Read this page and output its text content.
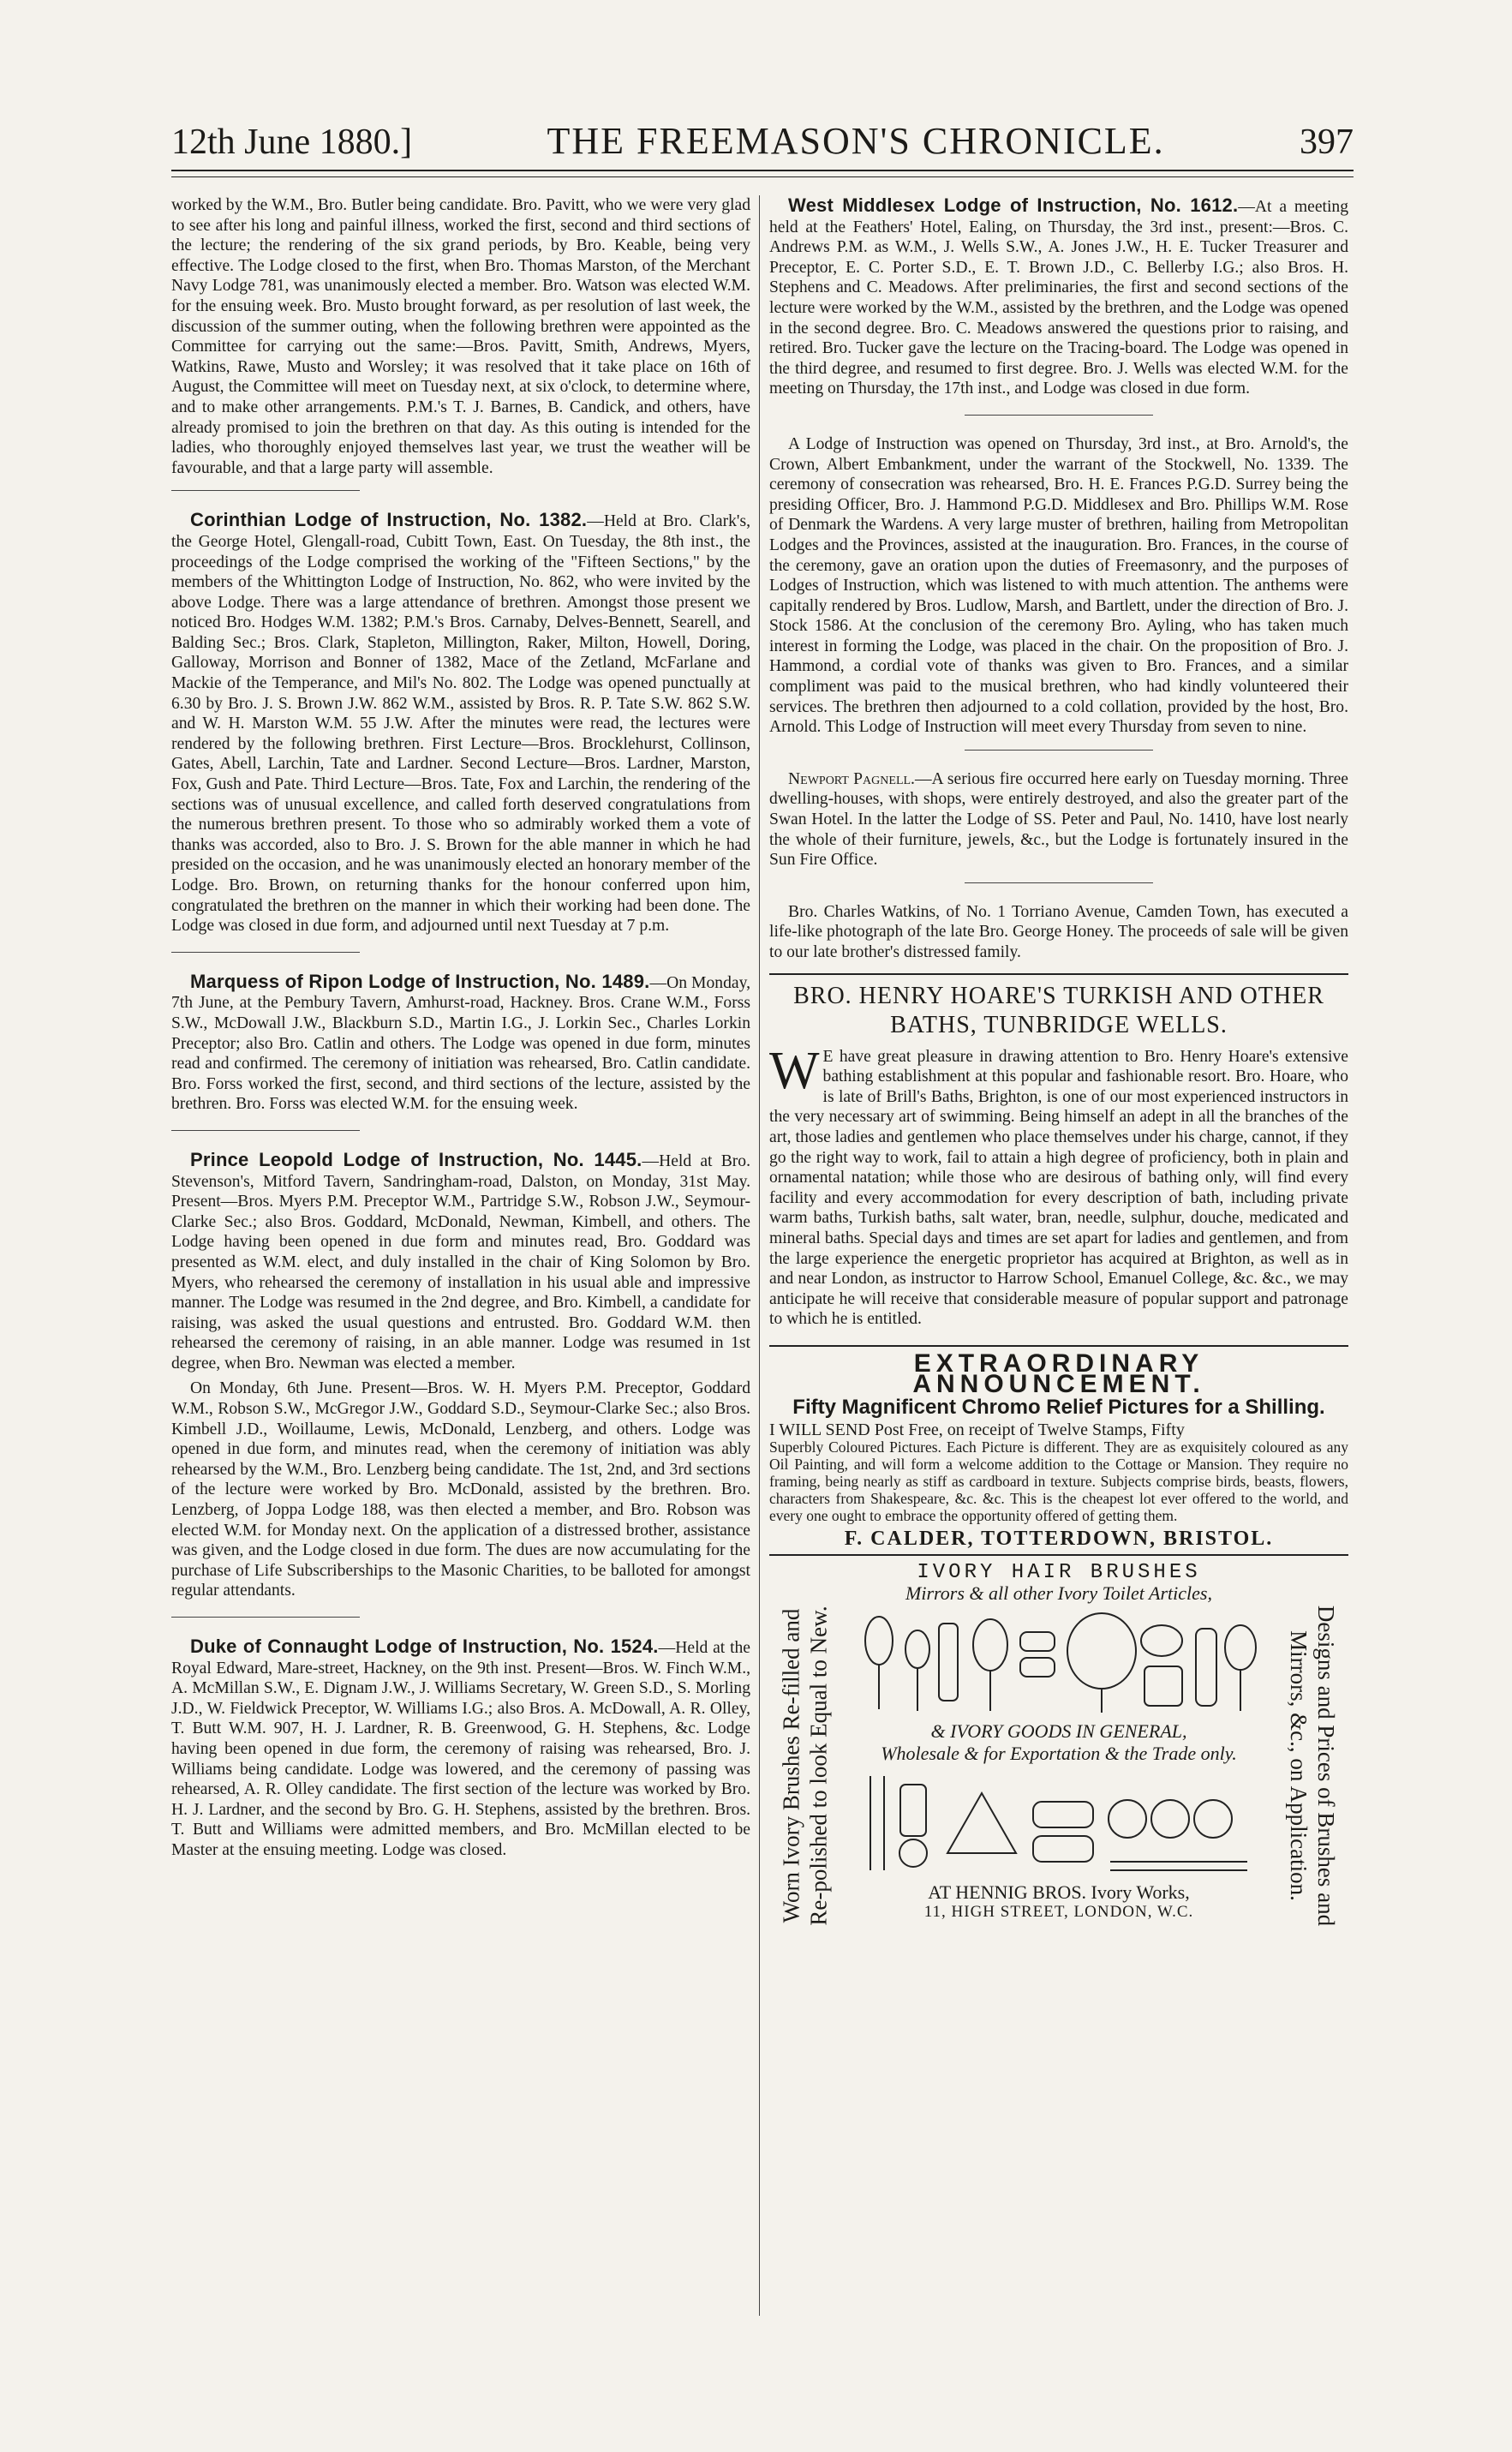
12th June 1880.]	THE FREEMASON'S CHRONICLE.	397

worked by the W.M., Bro. Butler being candidate. Bro. Pavitt, who we were very glad to see after his long and painful illness, worked the first, second and third sections of the lecture; the rendering of the six grand periods, by Bro. Keable, being very effective. The Lodge closed to the first, when Bro. Thomas Marston, of the Merchant Navy Lodge 781, was unanimously elected a member. Bro. Watson was elected W.M. for the ensuing week. Bro. Musto brought forward, as per resolution of last week, the discussion of the summer outing, when the following brethren were appointed as the Committee for carrying out the same:—Bros. Pavitt, Smith, Andrews, Myers, Watkins, Rawe, Musto and Worsley; it was resolved that it take place on 16th of August, the Committee will meet on Tuesday next, at six o'clock, to determine where, and to make other arrangements. P.M.'s T. J. Barnes, B. Candick, and others, have already promised to join the brethren on that day. As this outing is intended for the ladies, who thoroughly enjoyed themselves last year, we trust the weather will be favourable, and that a large party will assemble.

Corinthian Lodge of Instruction, No. 1382.—Held at Bro. Clark's, the George Hotel, Glengall-road, Cubitt Town, East. On Tuesday, the 8th inst., the proceedings of the Lodge comprised the working of the "Fifteen Sections," by the members of the Whittington Lodge of Instruction, No. 862, who were invited by the above Lodge. There was a large attendance of brethren. Amongst those present we noticed Bro. Hodges W.M. 1382; P.M.'s Bros. Carnaby, Delves-Bennett, Searell, and Balding Sec.; Bros. Clark, Stapleton, Millington, Raker, Milton, Howell, Doring, Galloway, Morrison and Bonner of 1382, Mace of the Zetland, McFarlane and Mackie of the Temperance, and Mil's No. 802. The Lodge was opened punctually at 6.30 by Bro. J. S. Brown J.W. 862 W.M., assisted by Bros. R. P. Tate S.W. 862 S.W. and W. H. Marston W.M. 55 J.W. After the minutes were read, the lectures were rendered by the following brethren. First Lecture—Bros. Brocklehurst, Collinson, Gates, Abell, Larchin, Tate and Lardner. Second Lecture—Bros. Lardner, Marston, Fox, Gush and Pate. Third Lecture—Bros. Tate, Fox and Larchin, the rendering of the sections was of unusual excellence, and called forth deserved congratulations from the numerous brethren present. To those who so admirably worked them a vote of thanks was accorded, also to Bro. J. S. Brown for the able manner in which he had presided on the occasion, and he was unanimously elected an honorary member of the Lodge. Bro. Brown, on returning thanks for the honour conferred upon him, congratulated the brethren on the manner in which their working had been done. The Lodge was closed in due form, and adjourned until next Tuesday at 7 p.m.

Marquess of Ripon Lodge of Instruction, No. 1489.—On Monday, 7th June, at the Pembury Tavern, Amhurst-road, Hackney. Bros. Crane W.M., Forss S.W., McDowall J.W., Blackburn S.D., Martin I.G., J. Lorkin Sec., Charles Lorkin Preceptor; also Bro. Catlin and others. The Lodge was opened in due form, minutes read and confirmed. The ceremony of initiation was rehearsed, Bro. Catlin candidate. Bro. Forss worked the first, second, and third sections of the lecture, assisted by the brethren. Bro. Forss was elected W.M. for the ensuing week.

Prince Leopold Lodge of Instruction, No. 1445.—Held at Bro. Stevenson's, Mitford Tavern, Sandringham-road, Dalston, on Monday, 31st May. Present—Bros. Myers P.M. Preceptor W.M., Partridge S.W., Robson J.W., Seymour-Clarke Sec.; also Bros. Goddard, McDonald, Newman, Kimbell, and others. The Lodge having been opened in due form and minutes read, Bro. Goddard was presented as W.M. elect, and duly installed in the chair of King Solomon by Bro. Myers, who rehearsed the ceremony of installation in his usual able and impressive manner. The Lodge was resumed in the 2nd degree, and Bro. Kimbell, a candidate for raising, was asked the usual questions and entrusted. Bro. Goddard W.M. then rehearsed the ceremony of raising, in an able manner. Lodge was resumed in 1st degree, when Bro. Newman was elected a member.

On Monday, 6th June. Present—Bros. W. H. Myers P.M. Preceptor, Goddard W.M., Robson S.W., McGregor J.W., Goddard S.D., Seymour-Clarke Sec.; also Bros. Kimbell J.D., Woillaume, Lewis, McDonald, Lenzberg, and others. Lodge was opened in due form, and minutes read, when the ceremony of initiation was ably rehearsed by the W.M., Bro. Lenzberg being candidate. The 1st, 2nd, and 3rd sections of the lecture were worked by Bro. McDonald, assisted by the brethren. Bro. Lenzberg, of Joppa Lodge 188, was then elected a member, and Bro. Robson was elected W.M. for Monday next. On the application of a distressed brother, assistance was given, and the Lodge closed in due form. The dues are now accumulating for the purchase of Life Subscriberships to the Masonic Charities, to be balloted for amongst regular attendants.

Duke of Connaught Lodge of Instruction, No. 1524.—Held at the Royal Edward, Mare-street, Hackney, on the 9th inst. Present—Bros. W. Finch W.M., A. McMillan S.W., E. Dignam J.W., J. Williams Secretary, W. Green S.D., S. Morling J.D., W. Fieldwick Preceptor, W. Williams I.G.; also Bros. A. McDowall, A. R. Olley, T. Butt W.M. 907, H. J. Lardner, R. B. Greenwood, G. H. Stephens, &c. Lodge having been opened in due form, the ceremony of raising was rehearsed, Bro. J. Williams being candidate. Lodge was lowered, and the ceremony of passing was rehearsed, A. R. Olley candidate. The first section of the lecture was worked by Bro. H. J. Lardner, and the second by Bro. G. H. Stephens, assisted by the brethren. Bros. T. Butt and Williams were admitted members, and Bro. McMillan elected to be Master at the ensuing meeting. Lodge was closed.

West Middlesex Lodge of Instruction, No. 1612.—At a meeting held at the Feathers' Hotel, Ealing, on Thursday, the 3rd inst., present:—Bros. C. Andrews P.M. as W.M., J. Wells S.W., A. Jones J.W., H. E. Tucker Treasurer and Preceptor, E. C. Porter S.D., E. T. Brown J.D., C. Bellerby I.G.; also Bros. H. Stephens and C. Meadows. After preliminaries, the first and second sections of the lecture were worked by the W.M., assisted by the brethren, and the Lodge was opened in the second degree. Bro. C. Meadows answered the questions prior to raising, and retired. Bro. Tucker gave the lecture on the Tracing-board. The Lodge was opened in the third degree, and resumed to first degree. Bro. J. Wells was elected W.M. for the meeting on Thursday, the 17th inst., and Lodge was closed in due form.

A Lodge of Instruction was opened on Thursday, 3rd inst., at Bro. Arnold's, the Crown, Albert Embankment, under the warrant of the Stockwell, No. 1339. The ceremony of consecration was rehearsed, Bro. H. E. Frances P.G.D. Surrey being the presiding Officer, Bro. J. Hammond P.G.D. Middlesex and Bro. Phillips W.M. Rose of Denmark the Wardens. A very large muster of brethren, hailing from Metropolitan Lodges and the Provinces, assisted at the inauguration. Bro. Frances, in the course of the ceremony, gave an oration upon the duties of Freemasonry, and the purposes of Lodges of Instruction, which was listened to with much attention. The anthems were capitally rendered by Bros. Ludlow, Marsh, and Bartlett, under the direction of Bro. J. Stock 1586. At the conclusion of the ceremony Bro. Ayling, who has taken much interest in forming the Lodge, was placed in the chair. On the proposition of Bro. J. Hammond, a cordial vote of thanks was given to Bro. Frances, and a similar compliment was paid to the musical brethren, who had kindly volunteered their services. The brethren then adjourned to a cold collation, provided by the host, Bro. Arnold. This Lodge of Instruction will meet every Thursday from seven to nine.

Newport Pagnell.—A serious fire occurred here early on Tuesday morning. Three dwelling-houses, with shops, were entirely destroyed, and also the greater part of the Swan Hotel. In the latter the Lodge of SS. Peter and Paul, No. 1410, have lost nearly the whole of their furniture, jewels, &c., but the Lodge is fortunately insured in the Sun Fire Office.

Bro. Charles Watkins, of No. 1 Torriano Avenue, Camden Town, has executed a life-like photograph of the late Bro. George Honey. The proceeds of sale will be given to our late brother's distressed family.

BRO. HENRY HOARE'S TURKISH AND OTHER
BATHS, TUNBRIDGE WELLS.

W E have great pleasure in drawing attention to Bro. Henry Hoare's extensive bathing establishment at this popular and fashionable resort. Bro. Hoare, who is late of Brill's Baths, Brighton, is one of our most experienced instructors in the very necessary art of swimming. Being himself an adept in all the branches of the art, those ladies and gentlemen who place themselves under his charge, cannot, if they go the right way to work, fail to attain a high degree of proficiency, both in plain and ornamental natation; while those who are desirous of bathing only, will find every facility and every accommodation for every description of bath, including private warm baths, Turkish baths, salt water, bran, needle, sulphur, douche, medicated and mineral baths. Special days and times are set apart for ladies and gentlemen, and from the large experience the energetic proprietor has acquired at Brighton, as well as in and near London, as instructor to Harrow School, Emanuel College, &c. &c., we may anticipate he will receive that considerable measure of popular support and patronage to which he is entitled.

EXTRAORDINARY ANNOUNCEMENT.
Fifty Magnificent Chromo Relief Pictures for a Shilling.
I WILL SEND Post Free, on receipt of Twelve Stamps, Fifty
Superbly Coloured Pictures. Each Picture is different. They are as exquisitely coloured as any Oil Painting, and will form a welcome addition to the Cottage or Mansion. They require no framing, being nearly as stiff as cardboard in texture. Subjects comprise birds, beasts, flowers, characters from Shakespeare, &c. &c. This is the cheapest lot ever offered to the world, and every one ought to embrace the opportunity offered of getting them.
F. CALDER, TOTTERDOWN, BRISTOL.
Worn Ivory Brushes Re-filled and Re-polished to look Equal to New.	Designs and Prices of Brushes and
Mirrors, &c., on Application.
IVORY HAIR BRUSHES
Mirrors & all other Ivory Toilet Articles,
& IVORY GOODS IN GENERAL,
Wholesale & for Exportation & the Trade only.
AT HENNIG BROS. Ivory Works,
11, HIGH STREET, LONDON, W.C.
